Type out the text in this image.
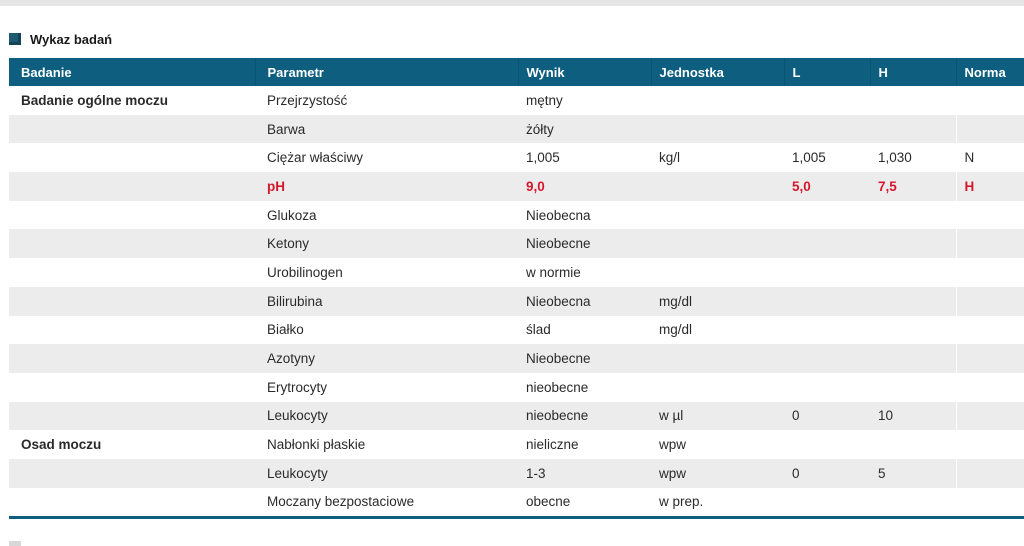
Wykaz badań
Badanie	Parametr	Wynik	Jednostka	L	H	Norma
Badanie ogólne moczu	Przejrzystość	mętny				
	Barwa	żółty				
	Ciężar właściwy	1,005	kg/l	1,005	1,030	N
	pH	9,0		5,0	7,5	H
	Glukoza	Nieobecna				
	Ketony	Nieobecne				
	Urobilinogen	w normie				
	Bilirubina	Nieobecna	mg/dl			
	Białko	ślad	mg/dl			
	Azotyny	Nieobecne				
	Erytrocyty	nieobecne				
	Leukocyty	nieobecne	w µl	0	10	
Osad moczu	Nabłonki płaskie	nieliczne	wpw			
	Leukocyty	1-3	wpw	0	5	
	Moczany bezpostaciowe	obecne	w prep.			
